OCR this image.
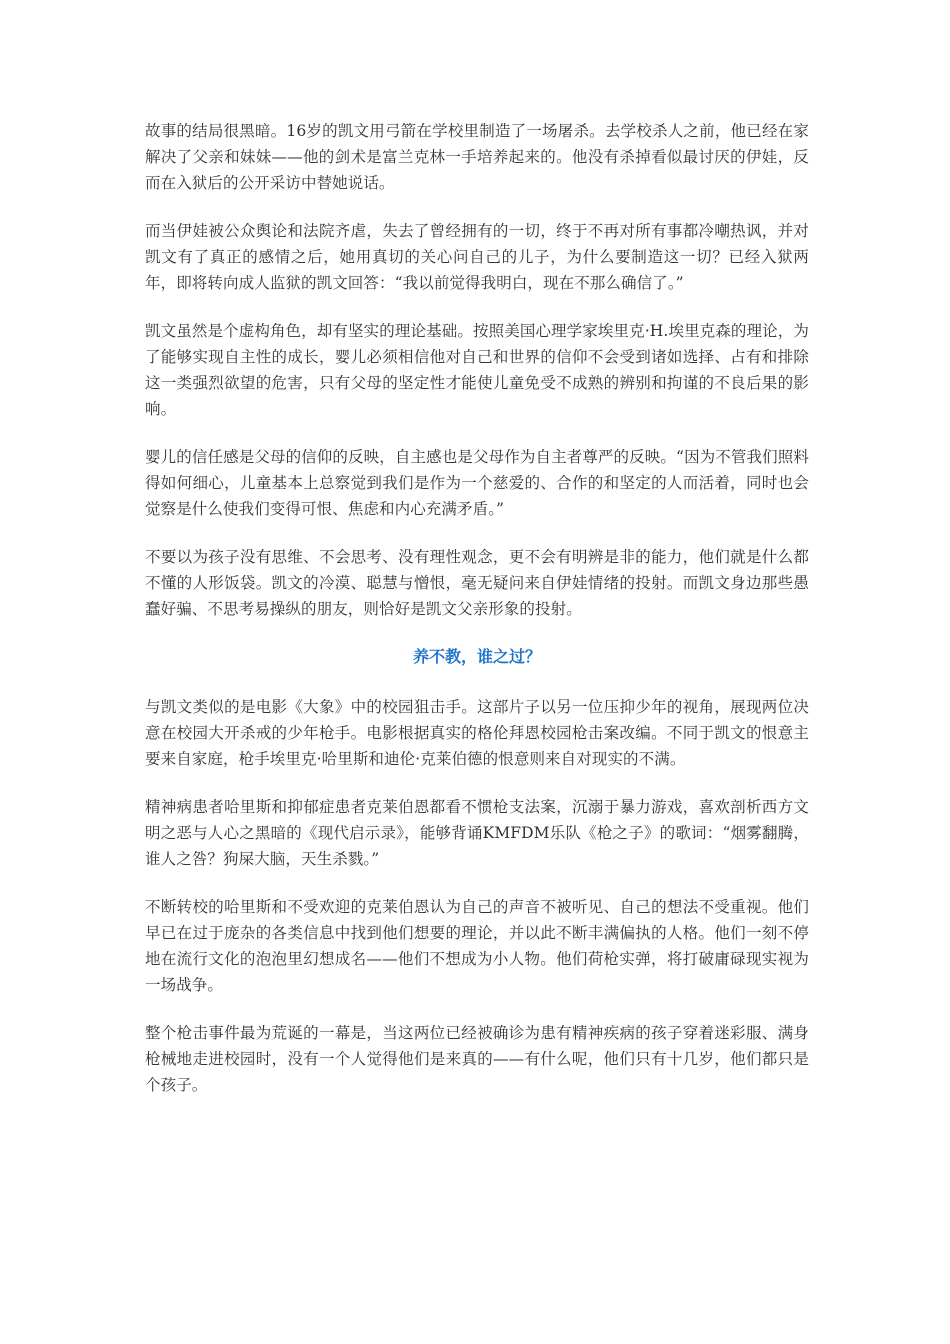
故事的结局很黑暗。16岁的凯文用弓箭在学校里制造了一场屠杀。去学校杀人之前，他已经在家解决了父亲和妹妹——他的剑术是富兰克林一手培养起来的。他没有杀掉看似最讨厌的伊娃，反而在入狱后的公开采访中替她说话。

而当伊娃被公众舆论和法院齐虐，失去了曾经拥有的一切，终于不再对所有事都冷嘲热讽，并对凯文有了真正的感情之后，她用真切的关心问自己的儿子，为什么要制造这一切？已经入狱两年，即将转向成人监狱的凯文回答：“我以前觉得我明白，现在不那么确信了。”

凯文虽然是个虚构角色，却有坚实的理论基础。按照美国心理学家埃里克·H.埃里克森的理论，为了能够实现自主性的成长，婴儿必须相信他对自己和世界的信仰不会受到诸如选择、占有和排除这一类强烈欲望的危害，只有父母的坚定性才能使儿童免受不成熟的辨别和拘谨的不良后果的影响。

婴儿的信任感是父母的信仰的反映，自主感也是父母作为自主者尊严的反映。“因为不管我们照料得如何细心，儿童基本上总察觉到我们是作为一个慈爱的、合作的和坚定的人而活着，同时也会觉察是什么使我们变得可恨、焦虑和内心充满矛盾。”

不要以为孩子没有思维、不会思考、没有理性观念，更不会有明辨是非的能力，他们就是什么都不懂的人形饭袋。凯文的冷漠、聪慧与憎恨，毫无疑问来自伊娃情绪的投射。而凯文身边那些愚蠢好骗、不思考易操纵的朋友，则恰好是凯文父亲形象的投射。

养不教，谁之过？

与凯文类似的是电影《大象》中的校园狙击手。这部片子以另一位压抑少年的视角，展现两位决意在校园大开杀戒的少年枪手。电影根据真实的格伦拜恩校园枪击案改编。不同于凯文的恨意主要来自家庭，枪手埃里克·哈里斯和迪伦·克莱伯德的恨意则来自对现实的不满。

精神病患者哈里斯和抑郁症患者克莱伯恩都看不惯枪支法案，沉溺于暴力游戏，喜欢剖析西方文明之恶与人心之黑暗的《现代启示录》，能够背诵KMFDM乐队《枪之子》的歌词：“烟雾翻腾，谁人之咎？狗屎大脑，天生杀戮。”

不断转校的哈里斯和不受欢迎的克莱伯恩认为自己的声音不被听见、自己的想法不受重视。他们早已在过于庞杂的各类信息中找到他们想要的理论，并以此不断丰满偏执的人格。他们一刻不停地在流行文化的泡泡里幻想成名——他们不想成为小人物。他们荷枪实弹，将打破庸碌现实视为一场战争。

整个枪击事件最为荒诞的一幕是，当这两位已经被确诊为患有精神疾病的孩子穿着迷彩服、满身枪械地走进校园时，没有一个人觉得他们是来真的——有什么呢，他们只有十几岁，他们都只是个孩子。
